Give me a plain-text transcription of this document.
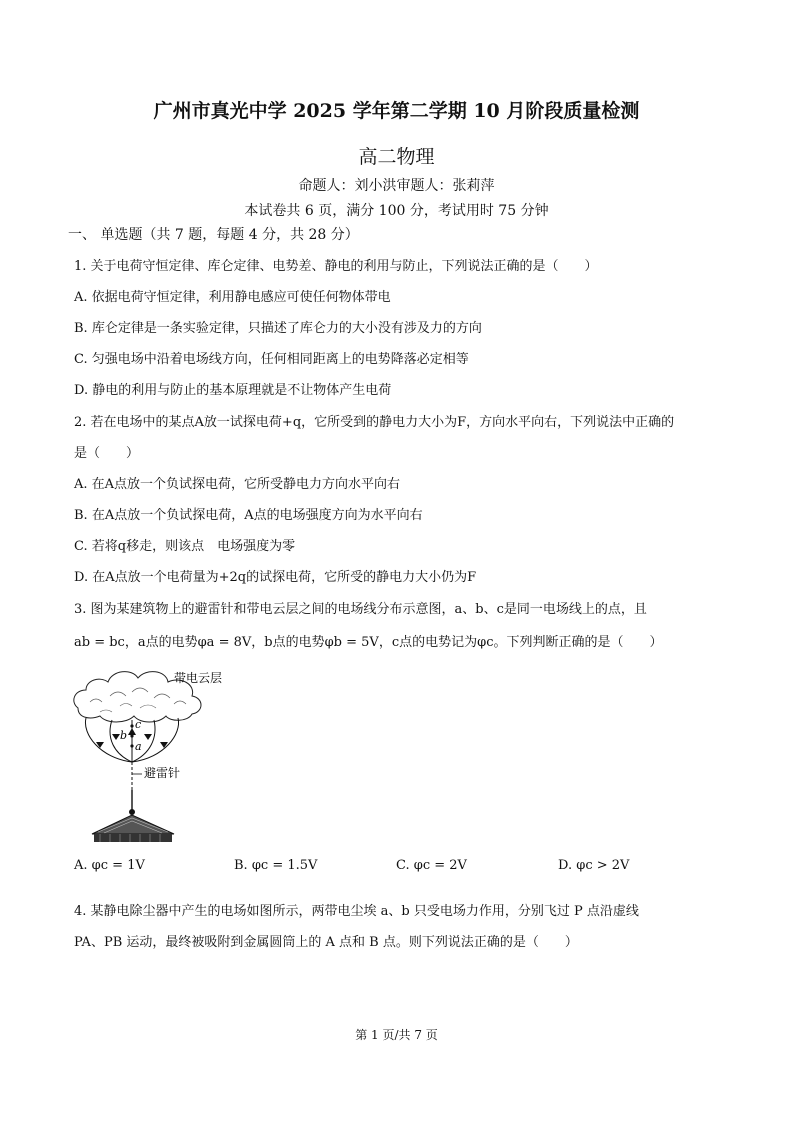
广州市真光中学 2025 学年第二学期 10 月阶段质量检测
高二物理
命题人：刘小洪审题人：张莉萍
本试卷共 6 页，满分 100 分，考试用时 75 分钟
一、 单选题（共 7 题，每题 4 分，共 28 分）
1. 关于电荷守恒定律、库仑定律、电势差、静电的利用与防止，下列说法正确的是（　　）
A. 依据电荷守恒定律，利用静电感应可使任何物体带电
B. 库仑定律是一条实验定律，只描述了库仑力的大小没有涉及力的方向
C. 匀强电场中沿着电场线方向，任何相同距离上的电势降落必定相等
D. 静电的利用与防止的基本原理就是不让物体产生电荷
2. 若在电场中的某点A放一试探电荷+q，它所受到的静电力大小为F，方向水平向右，下列说法中正确的
是（　　）
A. 在A点放一个负试探电荷，它所受静电力方向水平向右
B. 在A点放一个负试探电荷，A点的电场强度方向为水平向右
C. 若将q移走，则该点　电场强度为零
D. 在A点放一个电荷量为+2q的试探电荷，它所受的静电力大小仍为F
3. 图为某建筑物上的避雷针和带电云层之间的电场线分布示意图，a、b、c是同一电场线上的点，且
ab = bc，a点的电势φa = 8V，b点的电势φb = 5V，c点的电势记为φc。下列判断正确的是（　　）
带电云层
a
b
c
避雷针
A. φc = 1V	B. φc = 1.5V	C. φc = 2V	D. φc > 2V
4. 某静电除尘器中产生的电场如图所示，两带电尘埃 a、b 只受电场力作用，分别飞过 P 点沿虚线
PA、PB 运动，最终被吸附到金属圆筒上的 A 点和 B 点。则下列说法正确的是（　　）
第 1 页/共 7 页
